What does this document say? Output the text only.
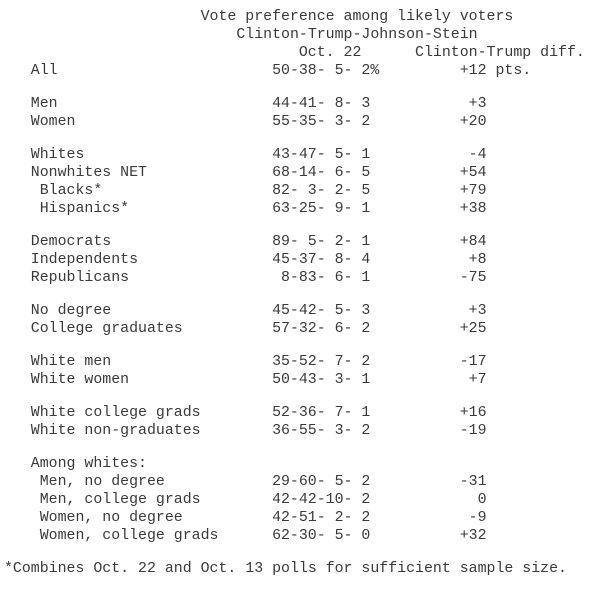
Vote preference among likely voters
Clinton-Trump-Johnson-Stein

Oct. 22

	Clinton-Trump diff.

All	50-38- 5- 2%	+12 pts.
Men	44-41- 8- 3	+3
Women	55-35- 3- 2	+20
Whites	43-47- 5- 1	-4
Nonwhites NET	68-14- 6- 5	+54
Blacks*	82- 3- 2- 5	+79
Hispanics*	63-25- 9- 1	+38
Democrats	89- 5- 2- 1	+84
Independents	45-37- 8- 4	+8
Republicans	8-83- 6- 1	-75
No degree	45-42- 5- 3	+3
College graduates	57-32- 6- 2	+25
White men	35-52- 7- 2	-17
White women	50-43- 3- 1	+7
White college grads	52-36- 7- 1	+16
White non-graduates	36-55- 3- 2	-19
Among whites:
Men, no degree	29-60- 5- 2	-31
Men, college grads	42-42-10- 2	0
Women, no degree	42-51- 2- 2	-9
Women, college grads	62-30- 5- 0	+32
*Combines Oct. 22 and Oct. 13 polls for sufficient sample size.
